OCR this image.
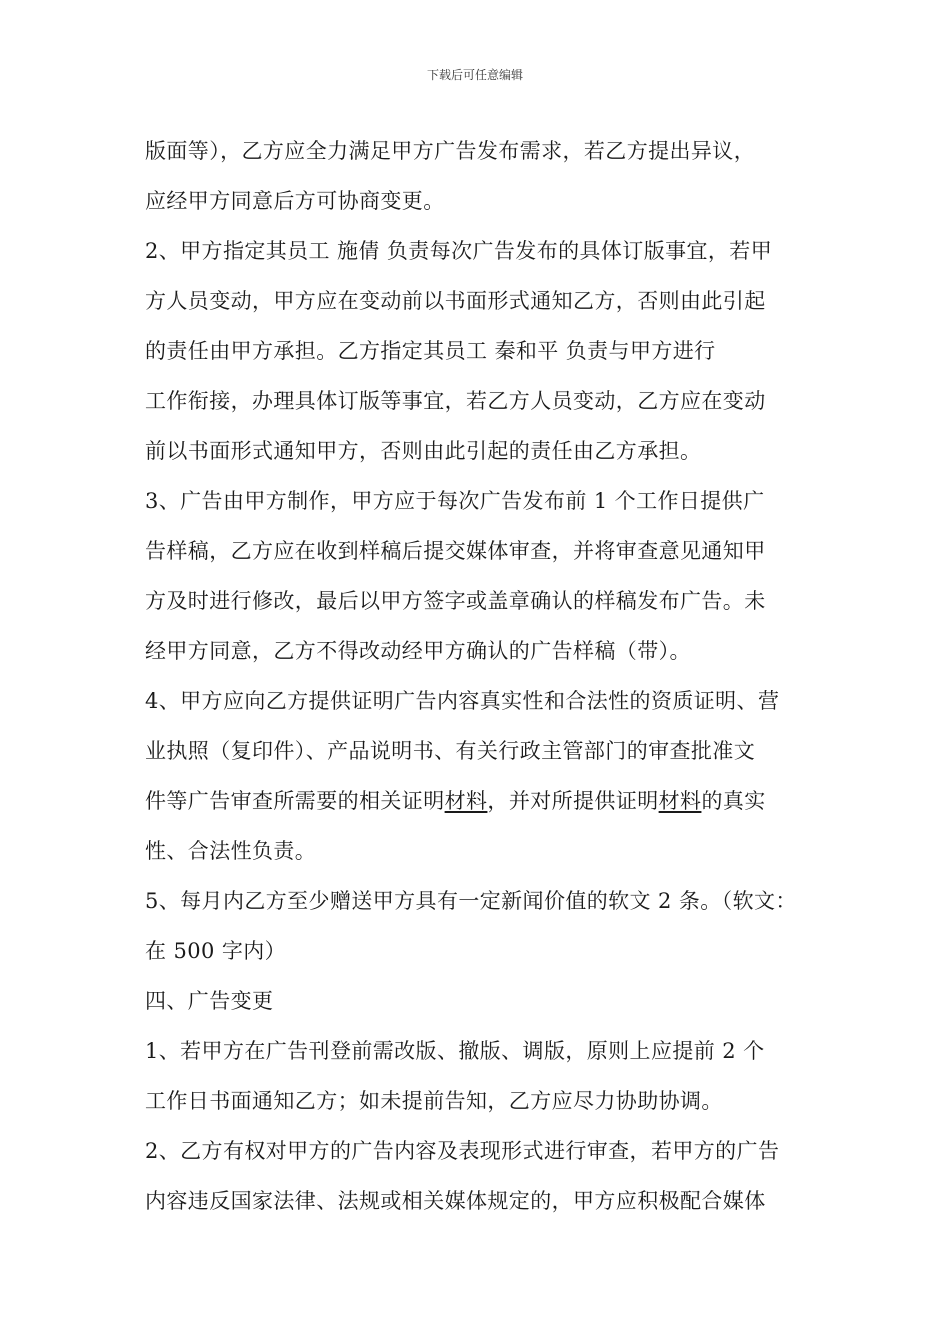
下载后可任意编辑
版面等），乙方应全力满足甲方广告发布需求，若乙方提出异议，
应经甲方同意后方可协商变更。
2、甲方指定其员工 施倩 负责每次广告发布的具体订版事宜，若甲
方人员变动，甲方应在变动前以书面形式通知乙方，否则由此引起
的责任由甲方承担。乙方指定其员工 秦和平 负责与甲方进行
工作衔接，办理具体订版等事宜，若乙方人员变动，乙方应在变动
前以书面形式通知甲方，否则由此引起的责任由乙方承担。
3、广告由甲方制作，甲方应于每次广告发布前 1 个工作日提供广
告样稿，乙方应在收到样稿后提交媒体审查，并将审查意见通知甲
方及时进行修改，最后以甲方签字或盖章确认的样稿发布广告。未
经甲方同意，乙方不得改动经甲方确认的广告样稿（带）。
4、甲方应向乙方提供证明广告内容真实性和合法性的资质证明、营
业执照（复印件）、产品说明书、有关行政主管部门的审查批准文
件等广告审查所需要的相关证明材料，并对所提供证明材料的真实
性、合法性负责。
5、每月内乙方至少赠送甲方具有一定新闻价值的软文 2 条。（软文：
在 500 字内）
四、广告变更
1、若甲方在广告刊登前需改版、撤版、调版，原则上应提前 2 个
工作日书面通知乙方；如未提前告知，乙方应尽力协助协调。
2、乙方有权对甲方的广告内容及表现形式进行审查，若甲方的广告
内容违反国家法律、法规或相关媒体规定的，甲方应积极配合媒体
